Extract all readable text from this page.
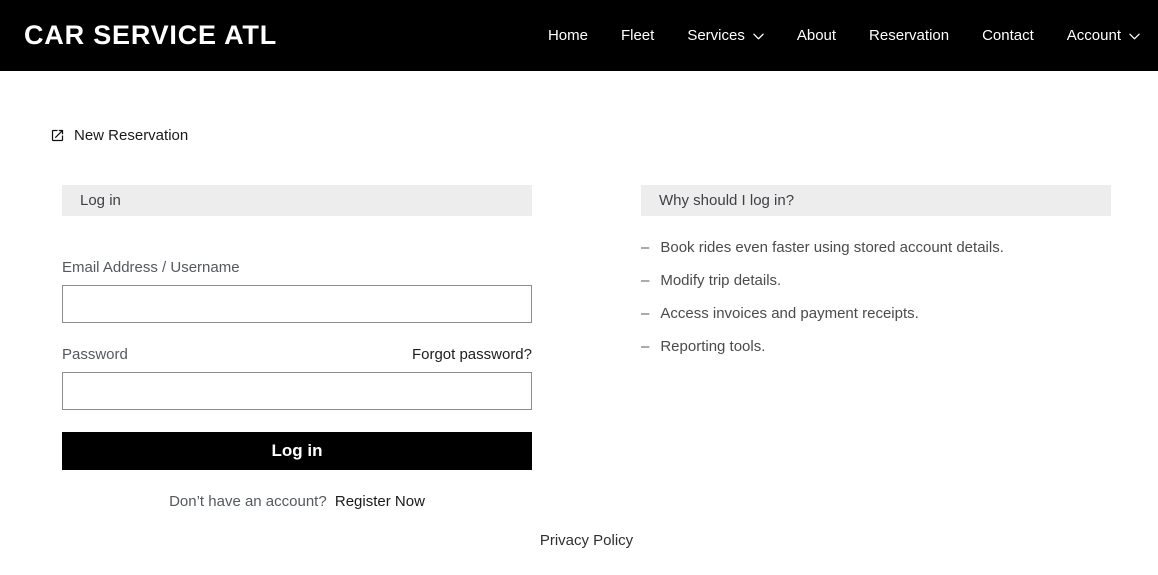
CAR SERVICE ATL	Home Fleet Services	About Reservation Contact Account
New Reservation
Log in
Email Address / Username
Password	Forgot password?
Log in
Don’t have an account? Register Now
Why should I log in?
– Book rides even faster using stored account details.
– Modify trip details.
– Access invoices and payment receipts.
– Reporting tools.
Privacy Policy
